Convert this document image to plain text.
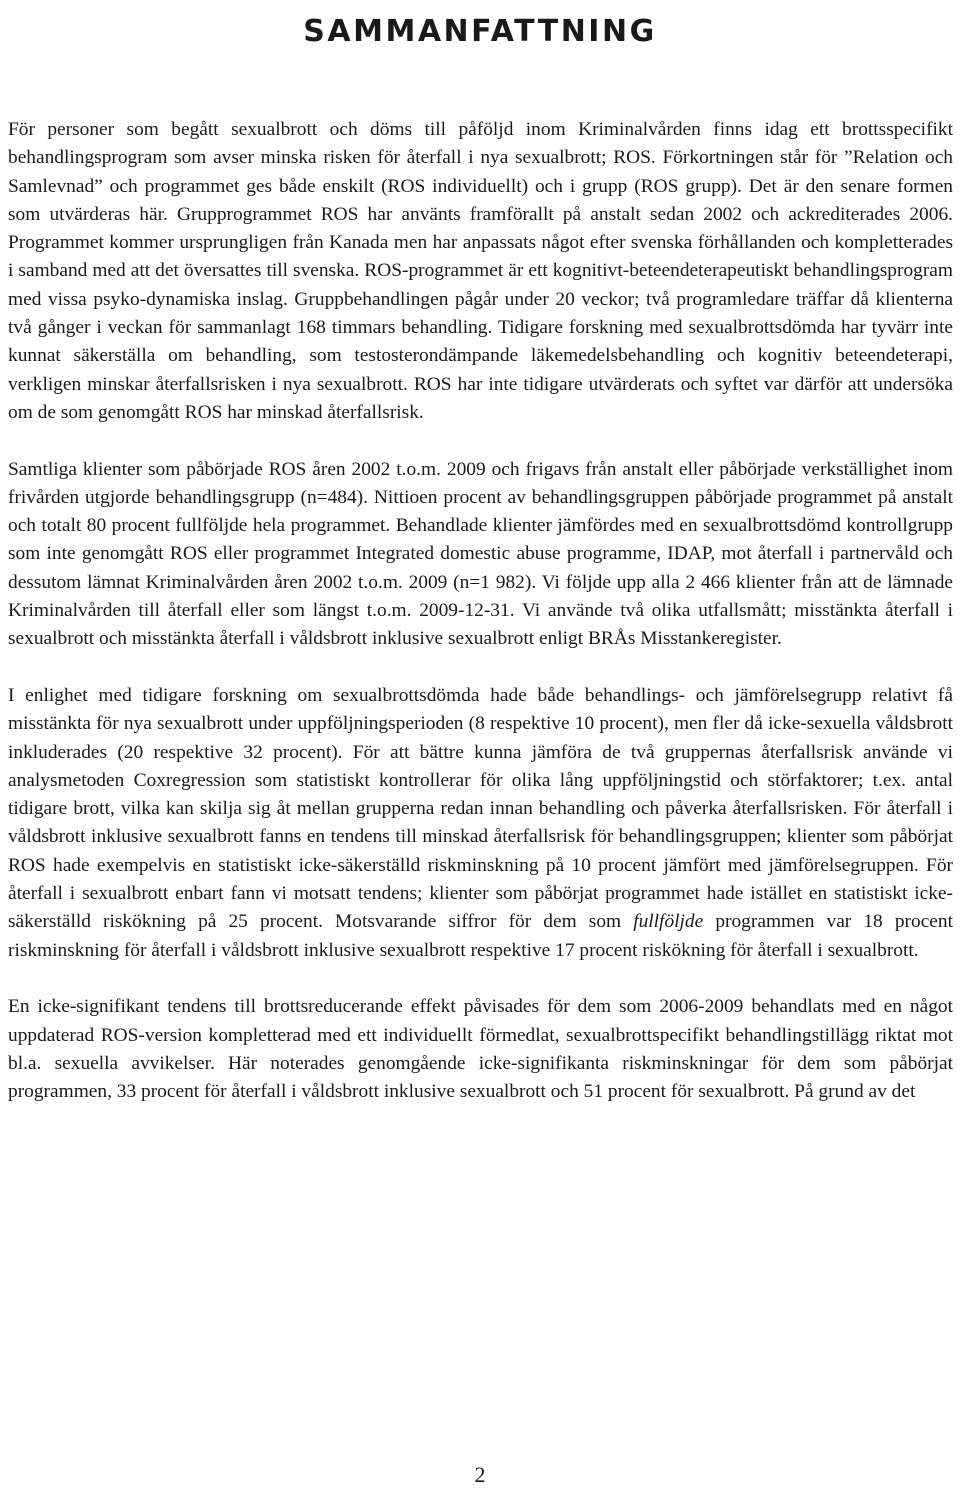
SAMMANFATTNING

För personer som begått sexualbrott och döms till påföljd inom Kriminalvården finns idag ett brottsspecifikt behandlingsprogram som avser minska risken för återfall i nya sexualbrott; ROS. Förkortningen står för ”Relation och Samlevnad” och programmet ges både enskilt (ROS individuellt) och i grupp (ROS grupp). Det är den senare formen som utvärderas här. Grupprogrammet ROS har använts framförallt på anstalt sedan 2002 och ackrediterades 2006. Programmet kommer ursprungligen från Kanada men har anpassats något efter svenska förhållanden och kompletterades i samband med att det översattes till svenska. ROS-programmet är ett kognitivt-beteendeterapeutiskt behandlingsprogram med vissa psyko-dynamiska inslag. Gruppbehandlingen pågår under 20 veckor; två programledare träffar då klienterna två gånger i veckan för sammanlagt 168 timmars behandling. Tidigare forskning med sexualbrottsdömda har tyvärr inte kunnat säkerställa om behandling, som testosterondämpande läkemedelsbehandling och kognitiv beteendeterapi, verkligen minskar återfallsrisken i nya sexualbrott. ROS har inte tidigare utvärderats och syftet var därför att undersöka om de som genomgått ROS har minskad återfallsrisk.

Samtliga klienter som påbörjade ROS åren 2002 t.o.m. 2009 och frigavs från anstalt eller påbörjade verkställighet inom frivården utgjorde behandlingsgrupp (n=484). Nittioen procent av behandlingsgruppen påbörjade programmet på anstalt och totalt 80 procent fullföljde hela programmet. Behandlade klienter jämfördes med en sexualbrottsdömd kontrollgrupp som inte genomgått ROS eller programmet Integrated domestic abuse programme, IDAP, mot återfall i partnervåld och dessutom lämnat Kriminalvården åren 2002 t.o.m. 2009 (n=1 982). Vi följde upp alla 2 466 klienter från att de lämnade Kriminalvården till återfall eller som längst t.o.m. 2009-12-31. Vi använde två olika utfallsmått; misstänkta återfall i sexualbrott och misstänkta återfall i våldsbrott inklusive sexualbrott enligt BRÅs Misstankeregister.

I enlighet med tidigare forskning om sexualbrottsdömda hade både behandlings- och jämförelsegrupp relativt få misstänkta för nya sexualbrott under uppföljningsperioden (8 respektive 10 procent), men fler då icke-sexuella våldsbrott inkluderades (20 respektive 32 procent). För att bättre kunna jämföra de två gruppernas återfallsrisk använde vi analysmetoden Coxregression som statistiskt kontrollerar för olika lång uppföljningstid och störfaktorer; t.ex. antal tidigare brott, vilka kan skilja sig åt mellan grupperna redan innan behandling och påverka återfallsrisken. För återfall i våldsbrott inklusive sexualbrott fanns en tendens till minskad återfallsrisk för behandlingsgruppen; klienter som påbörjat ROS hade exempelvis en statistiskt icke-säkerställd riskminskning på 10 procent jämfört med jämförelsegruppen. För återfall i sexualbrott enbart fann vi motsatt tendens; klienter som påbörjat programmet hade istället en statistiskt icke-säkerställd riskökning på 25 procent. Motsvarande siffror för dem som fullföljde programmen var 18 procent riskminskning för återfall i våldsbrott inklusive sexualbrott respektive 17 procent riskökning för återfall i sexualbrott.

En icke-signifikant tendens till brottsreducerande effekt påvisades för dem som 2006-2009 behandlats med en något uppdaterad ROS-version kompletterad med ett individuellt förmedlat, sexualbrottspecifikt behandlingstillägg riktat mot bl.a. sexuella avvikelser. Här noterades genomgående icke-signifikanta riskminskningar för dem som påbörjat programmen, 33 procent för återfall i våldsbrott inklusive sexualbrott och 51 procent för sexualbrott. På grund av det

2
